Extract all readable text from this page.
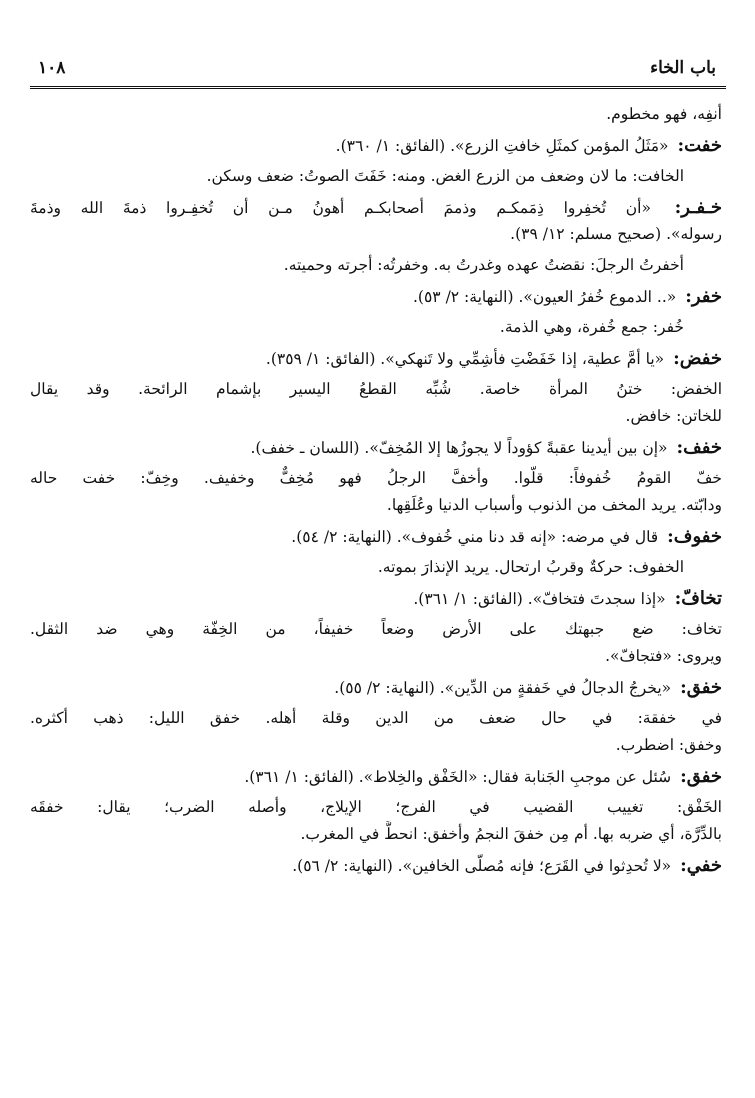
باب الخاء
١٠٨
أنفِه، فهو مخطوم.
خفت: «مَثَلُ المؤمن كمثَلِ خافتِ الزرع». (الفائق: ١/ ٣٦٠).
الخافت: ما لان وضعف من الزرع الغض. ومنه: خَفَتَ الصوتُ: ضعف وسكن.
خـفـر: «أن تُخفِروا ذِمَمكـم وذممَ أصحابكـم أهونُ مـن أن تُخفِـروا ذمةَ الله وذمةَ
رسوله». (صحيح مسلم: ١٢/ ٣٩).
أخفرتُ الرجلَ: نقضتُ عهده وغدرتُ به. وخفرتُه: أجرته وحميته.
خفر: «.. الدموع خُفرُ العيون». (النهاية: ٢/ ٥٣).
خُفر: جمع خُفرة، وهي الذمة.
خفض: «يا أمَّ عطية، إذا خَفَضْتِ فأشِمِّي ولا تَنهكي». (الفائق: ١/ ٣٥٩).
الخفض: ختنُ المرأة خاصة. شُبِّه القطعُ اليسير بإشمام الرائحة. وقد يقال
للخاتن: خافض.
خفف: «إن بين أيدينا عقبةً كؤوداً لا يجوزُها إلا المُخِفّ». (اللسان ـ خفف).
خفّ القومُ خُفوفاً: قلّوا. وأخفَّ الرجلُ فهو مُخِفٌّ وخفيف. وخِفّ: خفت حاله
ودابّته. يريد المخف من الذنوب وأسباب الدنيا وعُلَقِها.
خفوف: قال في مرضه: «إنه قد دنا مني خُفوف». (النهاية: ٢/ ٥٤).
الخفوف: حركةٌ وقربُ ارتحال. يريد الإنذارَ بموته.
تخافّ: «إذا سجدتَ فتخافّ». (الفائق: ١/ ٣٦١).
تخاف: ضع جبهتك على الأرض وضعاً خفيفاً، من الخِفّة وهي ضد الثقل.
ويروى: «فتجافّ».
خفق: «يخرجُ الدجالُ في خَفقةٍ من الدِّين». (النهاية: ٢/ ٥٥).
في خفقة: في حال ضعف من الدين وقلة أهله. خفق الليل: ذهب أكثره.
وخفق: اضطرب.
خفق: سُئل عن موجبِ الجَنابة فقال: «الخَفْق والخِلاط». (الفائق: ١/ ٣٦١).
الخَفْق: تغييب القضيب في الفرج؛ الإيلاج، وأصله الضرب؛ يقال: خفقَه
بالدِّرَّة، أي ضربه بها. أم مِن خفقَ النجمُ وأخفق: انحطَّ في المغرب.
خفي: «لا تُحدِثوا في القَرَع؛ فإنه مُصلّى الخافين». (النهاية: ٢/ ٥٦).
